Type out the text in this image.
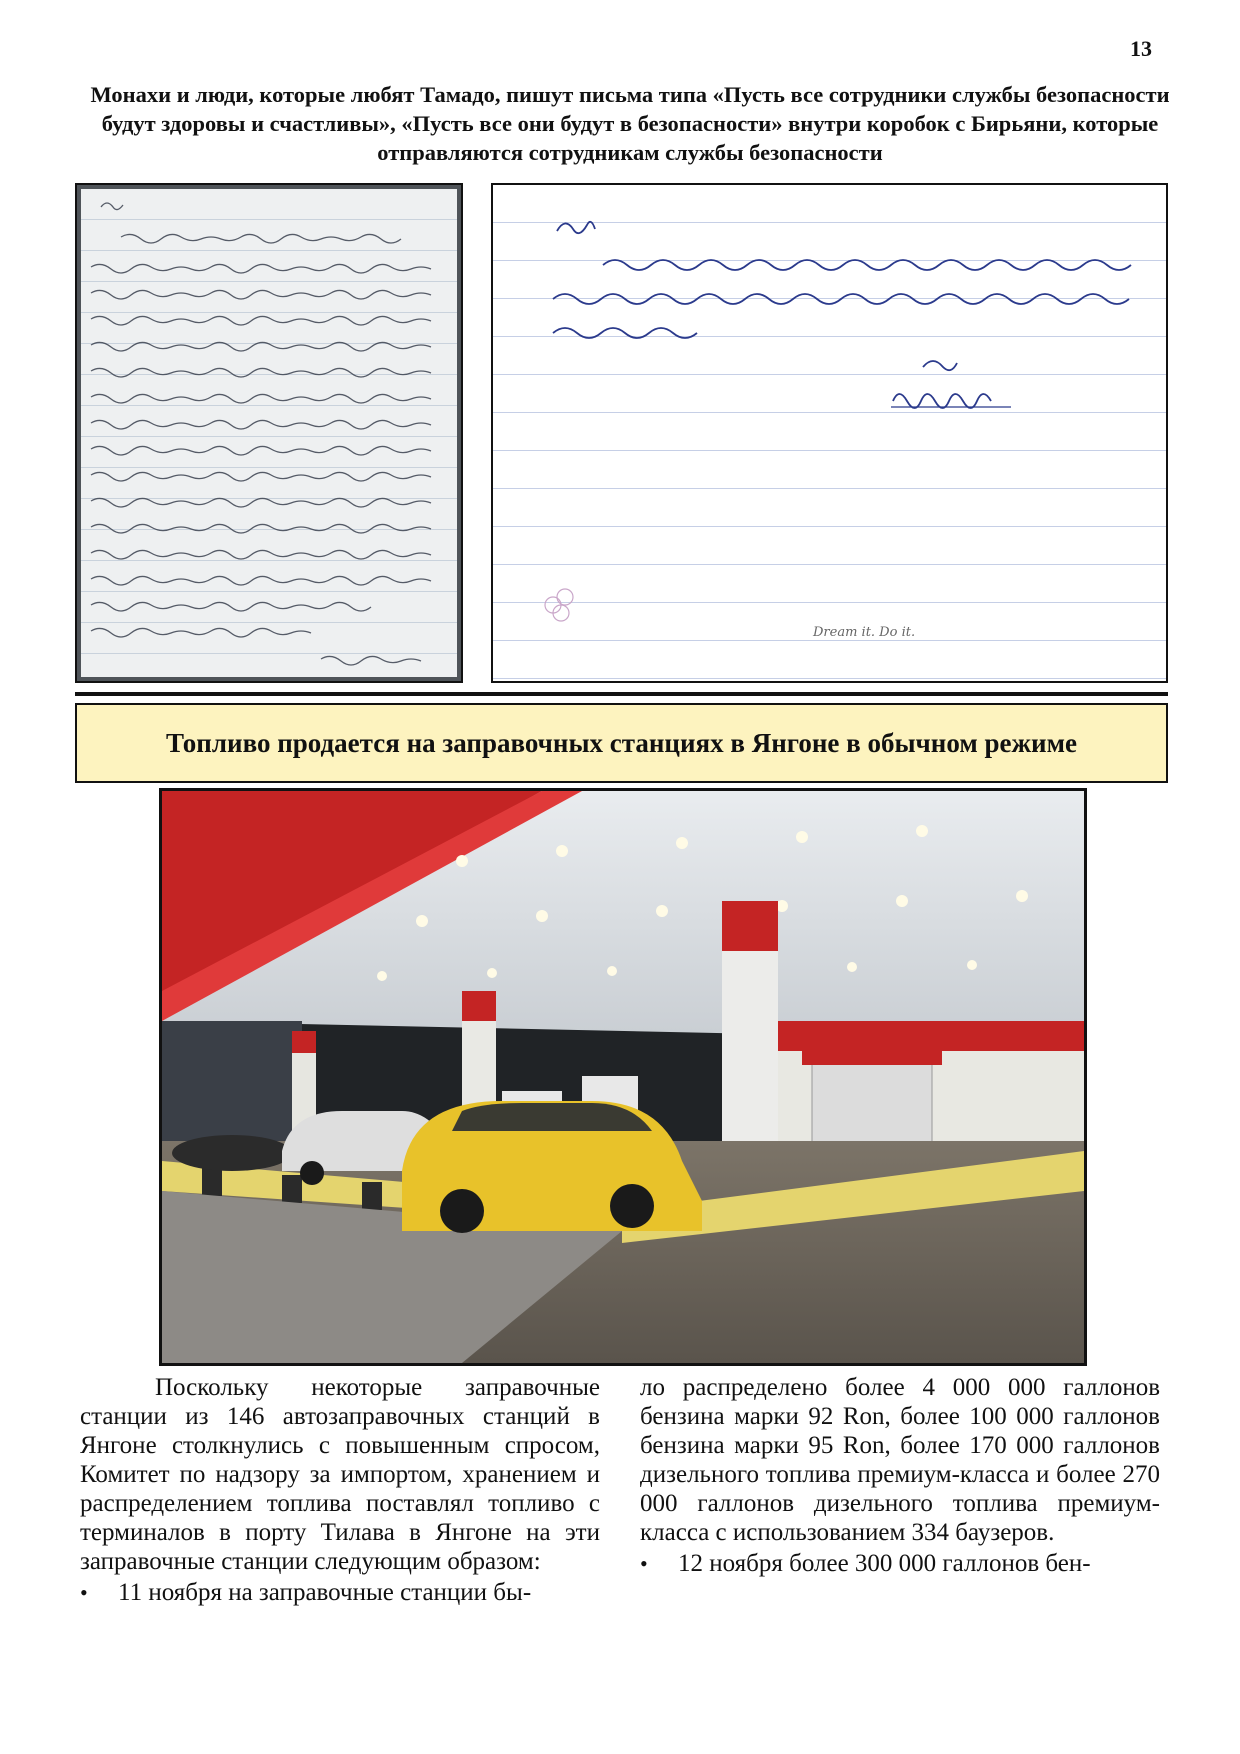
13
Монахи и люди, которые любят Тамадо, пишут письма типа «Пусть все сотрудники службы безопасности будут здоровы и счастливы», «Пусть все они будут в безопасности» внутри коробок с Бирьяни, которые отправляются сотрудникам службы безопасности
Dream it. Do it.
Топливо продается на заправочных станциях в Янгоне в обычном режиме
Поскольку некоторые заправочные станции из 146 автозаправочных станций в Янгоне столкнулись с повышенным спросом, Комитет по надзору за импортом, хранением и распределением топлива поставлял топливо с терминалов в порту Тилава в Янгоне на эти заправочные станции следующим образом:
• 11 ноября на заправочные станции бы-
ло распределено более 4 000 000 галлонов бензина марки 92 Ron, более 100 000 галлонов бензина марки 95 Ron, более 170 000 галлонов дизельного топлива премиум-класса и более 270 000 галлонов дизельного топлива премиум-класса с использованием 334 баузеров.
• 12 ноября более 300 000 галлонов бен-
